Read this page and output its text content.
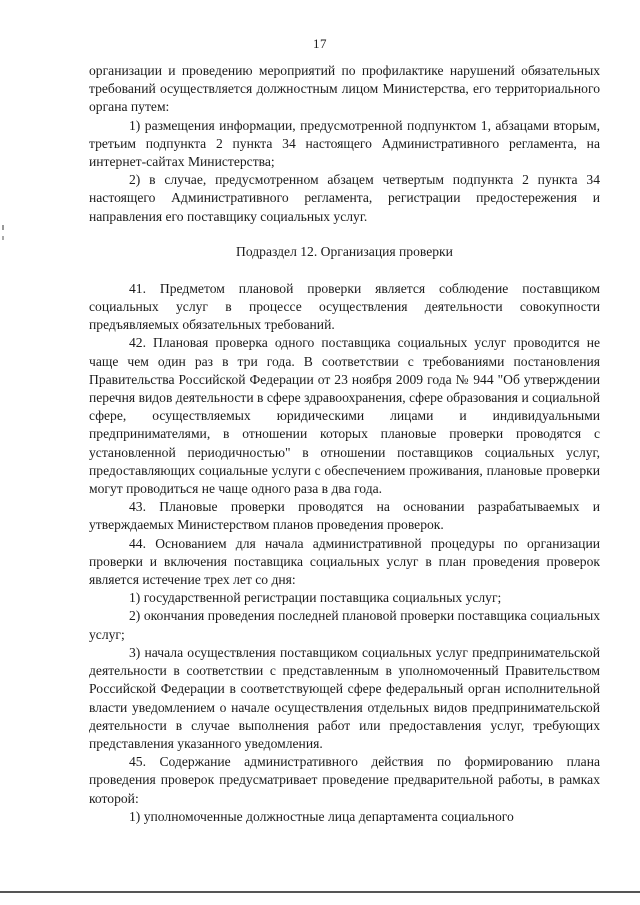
17

организации и проведению мероприятий по профилактике нарушений обязательных требований осуществляется должностным лицом Министерства, его территориального органа путем:

1) размещения информации, предусмотренной подпунктом 1, абзацами вторым, третьим подпункта 2 пункта 34 настоящего Административного регламента, на интернет-сайтах Министерства;

2) в случае, предусмотренном абзацем четвертым подпункта 2 пункта 34 настоящего Административного регламента, регистрации предостережения и направления его поставщику социальных услуг.

Подраздел 12. Организация проверки

41. Предметом плановой проверки является соблюдение поставщиком социальных услуг в процессе осуществления деятельности совокупности предъявляемых обязательных требований.

42. Плановая проверка одного поставщика социальных услуг проводится не чаще чем один раз в три года. В соответствии с требованиями постановления Правительства Российской Федерации от 23 ноября 2009 года № 944 "Об утверждении перечня видов деятельности в сфере здравоохранения, сфере образования и социальной сфере, осуществляемых юридическими лицами и индивидуальными предпринимателями, в отношении которых плановые проверки проводятся с установленной периодичностью" в отношении поставщиков социальных услуг, предоставляющих социальные услуги с обеспечением проживания, плановые проверки могут проводиться не чаще одного раза в два года.

43. Плановые проверки проводятся на основании разрабатываемых и утверждаемых Министерством планов проведения проверок.

44. Основанием для начала административной процедуры по организации проверки и включения поставщика социальных услуг в план проведения проверок является истечение трех лет со дня:

1) государственной регистрации поставщика социальных услуг;

2) окончания проведения последней плановой проверки поставщика социальных услуг;

3) начала осуществления поставщиком социальных услуг предпринимательской деятельности в соответствии с представленным в уполномоченный Правительством Российской Федерации в соответствующей сфере федеральный орган исполнительной власти уведомлением о начале осуществления отдельных видов предпринимательской деятельности в случае выполнения работ или предоставления услуг, требующих представления указанного уведомления.

45. Содержание административного действия по формированию плана проведения проверок предусматривает проведение предварительной работы, в рамках которой:

1) уполномоченные должностные лица департамента социального
